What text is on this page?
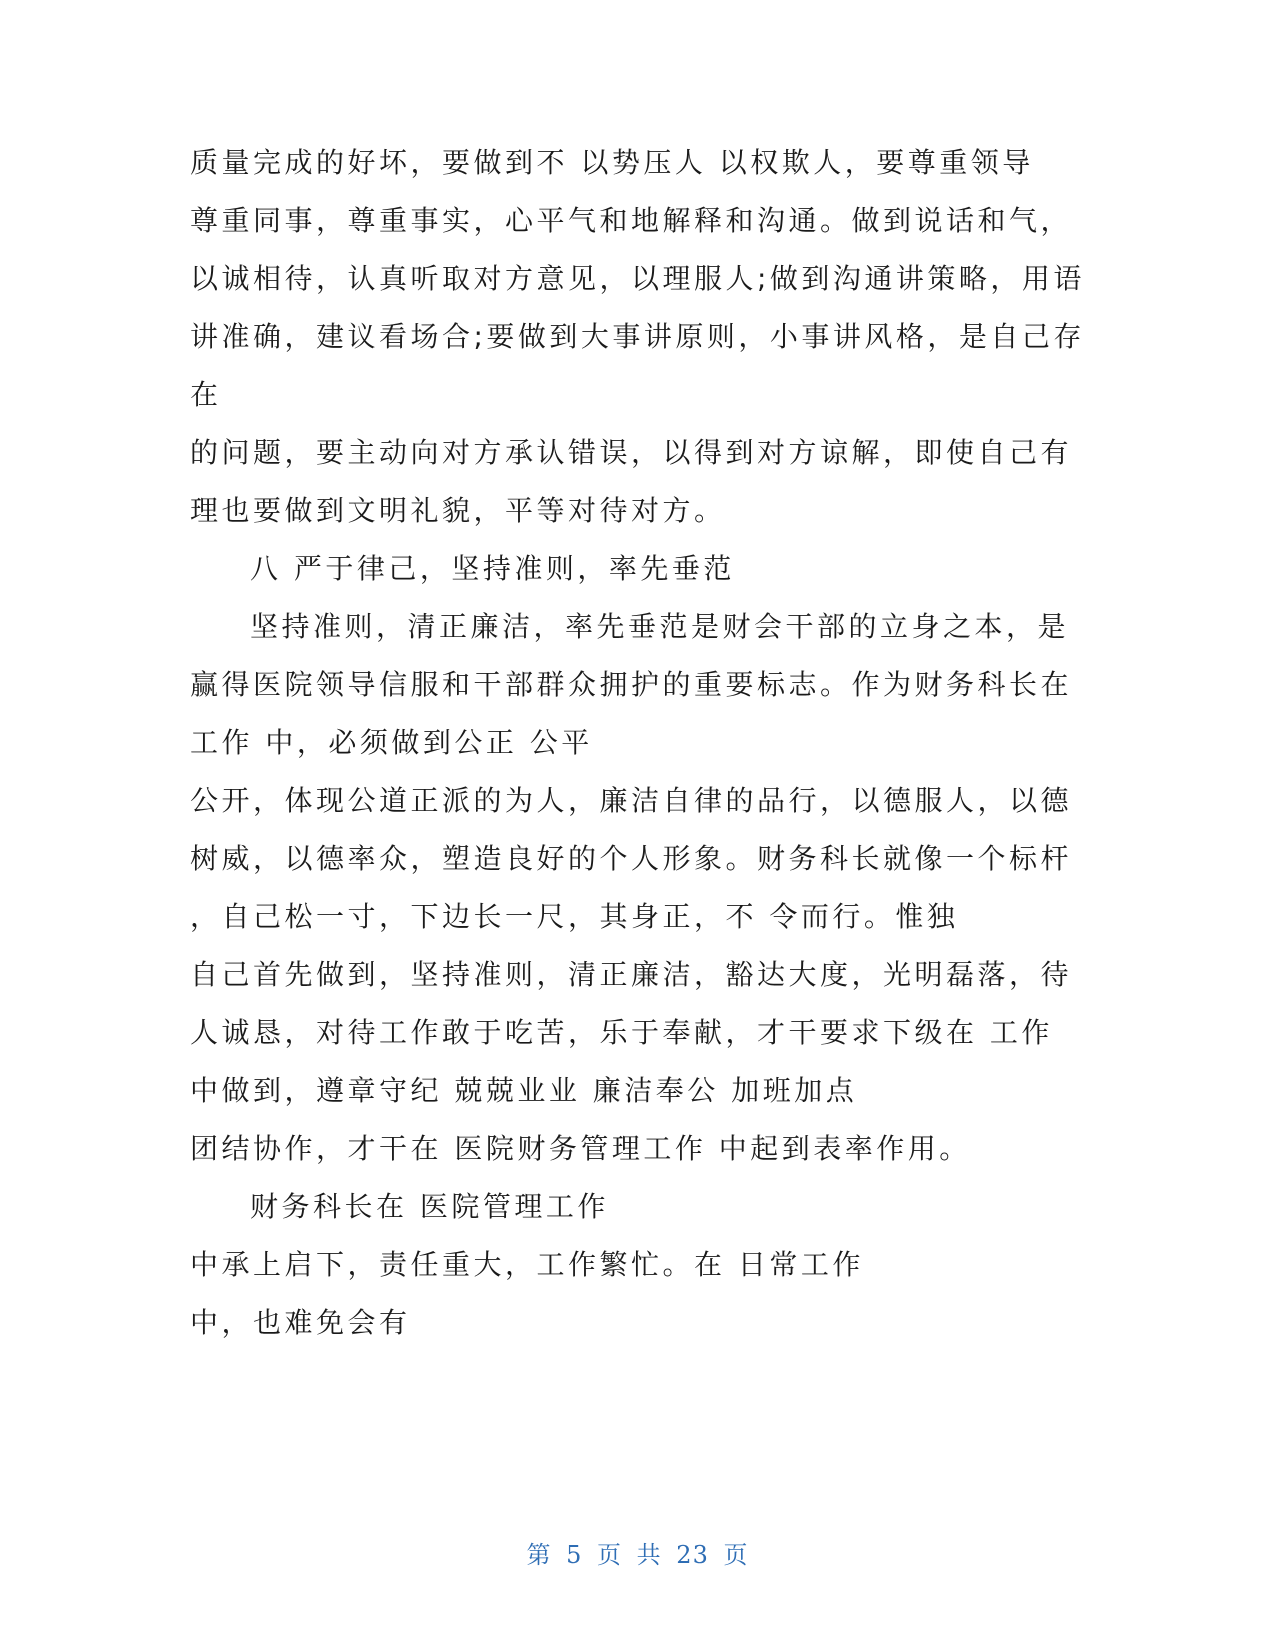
质量完成的好坏，要做到不 以势压人 以权欺人，要尊重领导

尊重同事，尊重事实，心平气和地解释和沟通。做到说话和气，

以诚相待，认真听取对方意见，以理服人;做到沟通讲策略，用语

讲准确，建议看场合;要做到大事讲原则，小事讲风格，是自己存

在

的问题，要主动向对方承认错误，以得到对方谅解，即使自己有

理也要做到文明礼貌，平等对待对方。

八 严于律己，坚持准则，率先垂范

坚持准则，清正廉洁，率先垂范是财会干部的立身之本，是

赢得医院领导信服和干部群众拥护的重要标志。作为财务科长在

工作 中，必须做到公正 公平

公开，体现公道正派的为人，廉洁自律的品行，以德服人，以德

树威，以德率众，塑造良好的个人形象。财务科长就像一个标杆

，自己松一寸，下边长一尺，其身正，不 令而行。惟独

自己首先做到，坚持准则，清正廉洁，豁达大度，光明磊落，待

人诚恳，对待工作敢于吃苦，乐于奉献，才干要求下级在 工作

中做到，遵章守纪 兢兢业业 廉洁奉公 加班加点

团结协作，才干在 医院财务管理工作 中起到表率作用。

财务科长在 医院管理工作

中承上启下，责任重大，工作繁忙。在 日常工作

中，也难免会有

第 5 页 共 23 页
